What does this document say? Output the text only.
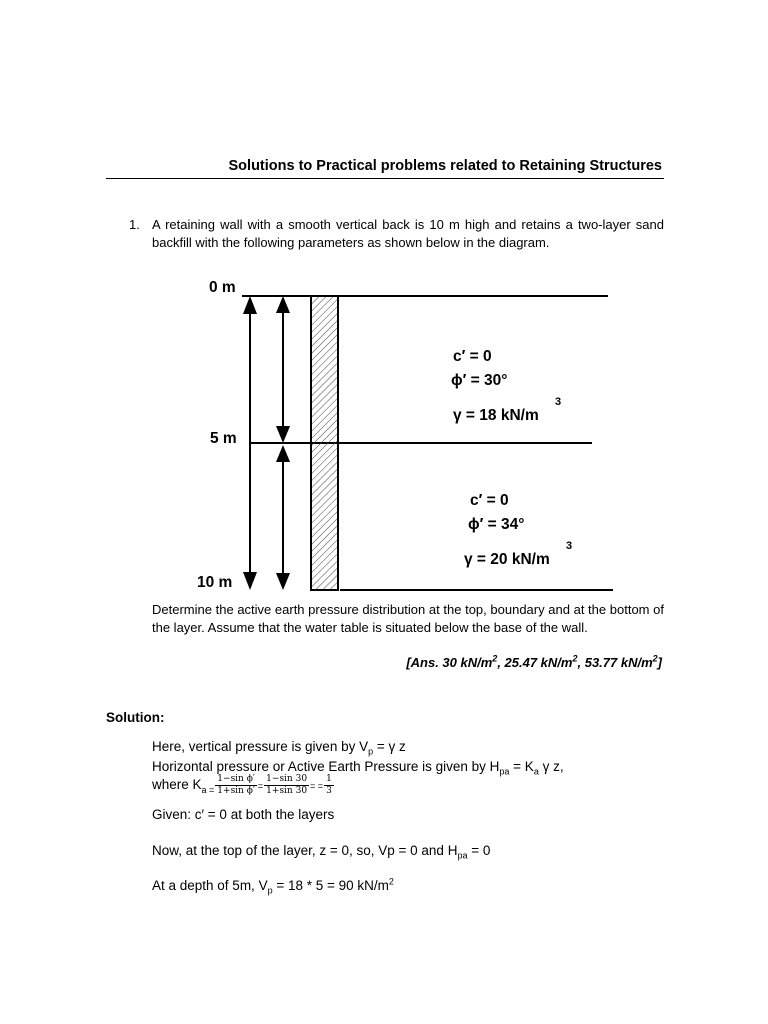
Solutions to Practical problems related to Retaining Structures
1. A retaining wall with a smooth vertical back is 10 m high and retains a two-layer sand backfill with the following parameters as shown below in the diagram.
0 m
5 m
10 m
c′ = 0
ϕ′ = 30°
γ = 18 kN/m
3
c′ = 0
ϕ′ = 34°
γ = 20 kN/m
3
Determine the active earth pressure distribution at the top, boundary and at the bottom of the layer. Assume that the water table is situated below the base of the wall.
[Ans. 30 $kN/m^2$, 25.47 $kN/m^2$, 53.77 $kN/m^2$]
Solution:
Here, vertical pressure is given by $V_p = \gamma$ z
Horizontal pressure or Active Earth Pressure is given by $H_{pa} = K_a$ γ z,
where $K_{a =} \frac{\text{1−sin ϕ′}}{\text{1+sin ϕ′}} = \frac{1-\sin 30}{1+\sin 30}$ = = $\frac{1}{3}$
Given: c′ = 0 at both the layers
Now, at the top of the layer, z = 0, so, Vp = 0 and $H_{pa} = 0$
At a depth of 5m, $V_p = 18 * 5 = 90$ $kN/m^2$
